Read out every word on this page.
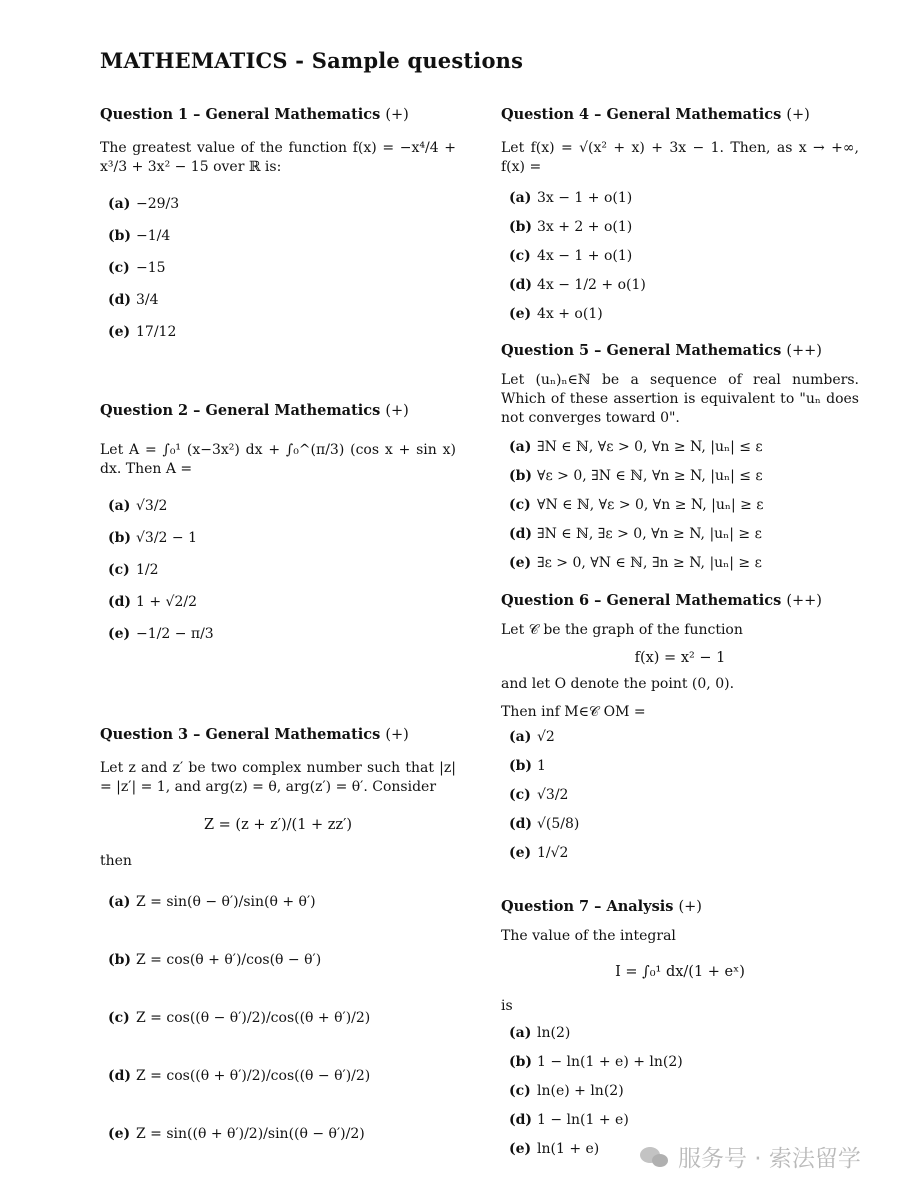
MATHEMATICS - Sample questions
Question 1 – General Mathematics (+)
The greatest value of the function f(x) = −x⁴/4 + x³/3 + 3x² − 15 over ℝ is:
(a) −29/3
(b) −1/4
(c) −15
(d) 3/4
(e) 17/12
Question 2 – General Mathematics (+)
Let A = ∫₀¹ (x−3x²) dx + ∫₀^(π/3) (cos x + sin x) dx. Then A =
(a) √3/2
(b) √3/2 − 1
(c) 1/2
(d) 1 + √2/2
(e) −1/2 − π/3
Question 3 – General Mathematics (+)
Let z and z′ be two complex number such that |z| = |z′| = 1, and arg(z) = θ, arg(z′) = θ′. Consider
Z = (z + z′)/(1 + zz′)
then
(a) Z = sin(θ − θ′)/sin(θ + θ′)
(b) Z = cos(θ + θ′)/cos(θ − θ′)
(c) Z = cos((θ − θ′)/2)/cos((θ + θ′)/2)
(d) Z = cos((θ + θ′)/2)/cos((θ − θ′)/2)
(e) Z = sin((θ + θ′)/2)/sin((θ − θ′)/2)
Question 4 – General Mathematics (+)
Let f(x) = √(x² + x) + 3x − 1. Then, as x → +∞, f(x) =
(a) 3x − 1 + o(1)
(b) 3x + 2 + o(1)
(c) 4x − 1 + o(1)
(d) 4x − 1/2 + o(1)
(e) 4x + o(1)
Question 5 – General Mathematics (++)
Let (uₙ)ₙ∈ℕ be a sequence of real numbers. Which of these assertion is equivalent to "uₙ does not converges toward 0".
(a) ∃N ∈ ℕ, ∀ε > 0, ∀n ≥ N, |uₙ| ≤ ε
(b) ∀ε > 0, ∃N ∈ ℕ, ∀n ≥ N, |uₙ| ≤ ε
(c) ∀N ∈ ℕ, ∀ε > 0, ∀n ≥ N, |uₙ| ≥ ε
(d) ∃N ∈ ℕ, ∃ε > 0, ∀n ≥ N, |uₙ| ≥ ε
(e) ∃ε > 0, ∀N ∈ ℕ, ∃n ≥ N, |uₙ| ≥ ε
Question 6 – General Mathematics (++)
Let 𝒞 be the graph of the function
f(x) = x² − 1
and let O denote the point (0, 0).
Then inf M∈𝒞 OM =
(a) √2
(b) 1
(c) √3/2
(d) √(5/8)
(e) 1/√2
Question 7 – Analysis (+)
The value of the integral
I = ∫₀¹ dx/(1 + eˣ)
is
(a) ln(2)
(b) 1 − ln(1 + e) + ln(2)
(c) ln(e) + ln(2)
(d) 1 − ln(1 + e)
(e) ln(1 + e)	服务号 · 索法留学
